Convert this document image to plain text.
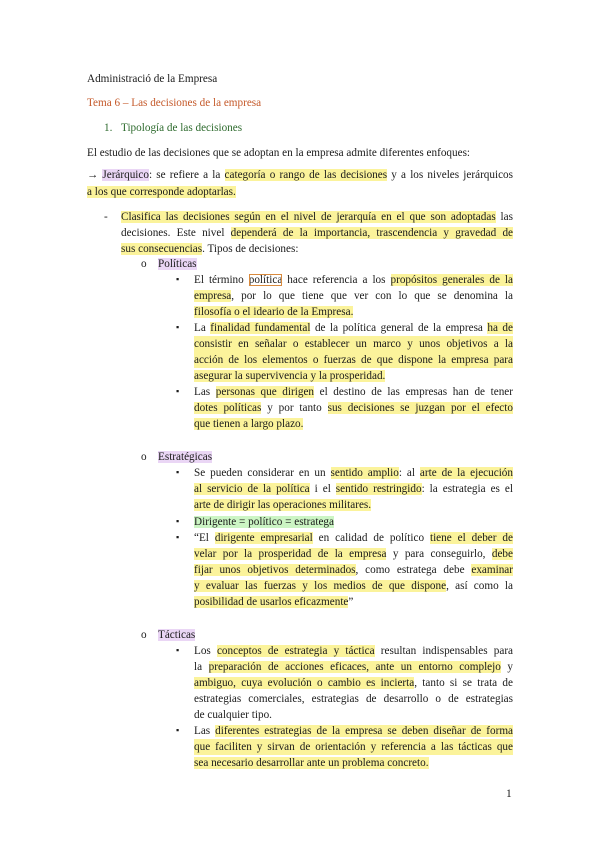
Administració de la Empresa
Tema 6 – Las decisiones de la empresa
1. Tipología de las decisiones
El estudio de las decisiones que se adoptan en la empresa admite diferentes enfoques:
→ Jerárquico: se refiere a la categoría o rango de las decisiones y a los niveles jerárquicos
a los que corresponde adoptarlas.
- Clasifica las decisiones según en el nivel de jerarquía en el que son adoptadas las
decisiones. Este nivel dependerá de la importancia, trascendencia y gravedad de
sus consecuencias. Tipos de decisiones:
o Políticas
▪ El término política hace referencia a los propósitos generales de la
empresa, por lo que tiene que ver con lo que se denomina la
filosofía o el ideario de la Empresa.
▪ La finalidad fundamental de la política general de la empresa ha de
consistir en señalar o establecer un marco y unos objetivos a la
acción de los elementos o fuerzas de que dispone la empresa para
asegurar la supervivencia y la prosperidad.
▪ Las personas que dirigen el destino de las empresas han de tener
dotes políticas y por tanto sus decisiones se juzgan por el efecto
que tienen a largo plazo.
o Estratégicas
▪ Se pueden considerar en un sentido amplio: al arte de la ejecución
al servicio de la política i el sentido restringido: la estrategia es el
arte de dirigir las operaciones militares.
▪ Dirigente = político = estratega
▪ “El dirigente empresarial en calidad de político tiene el deber de
velar por la prosperidad de la empresa y para conseguirlo, debe
fijar unos objetivos determinados, como estratega debe examinar
y evaluar las fuerzas y los medios de que dispone, así como la
posibilidad de usarlos eficazmente”
o Tácticas
▪ Los conceptos de estrategia y táctica resultan indispensables para
la preparación de acciones eficaces, ante un entorno complejo y
ambiguo, cuya evolución o cambio es incierta, tanto si se trata de
estrategias comerciales, estrategias de desarrollo o de estrategias
de cualquier tipo.
▪ Las diferentes estrategias de la empresa se deben diseñar de forma
que faciliten y sirvan de orientación y referencia a las tácticas que
sea necesario desarrollar ante un problema concreto.
1
